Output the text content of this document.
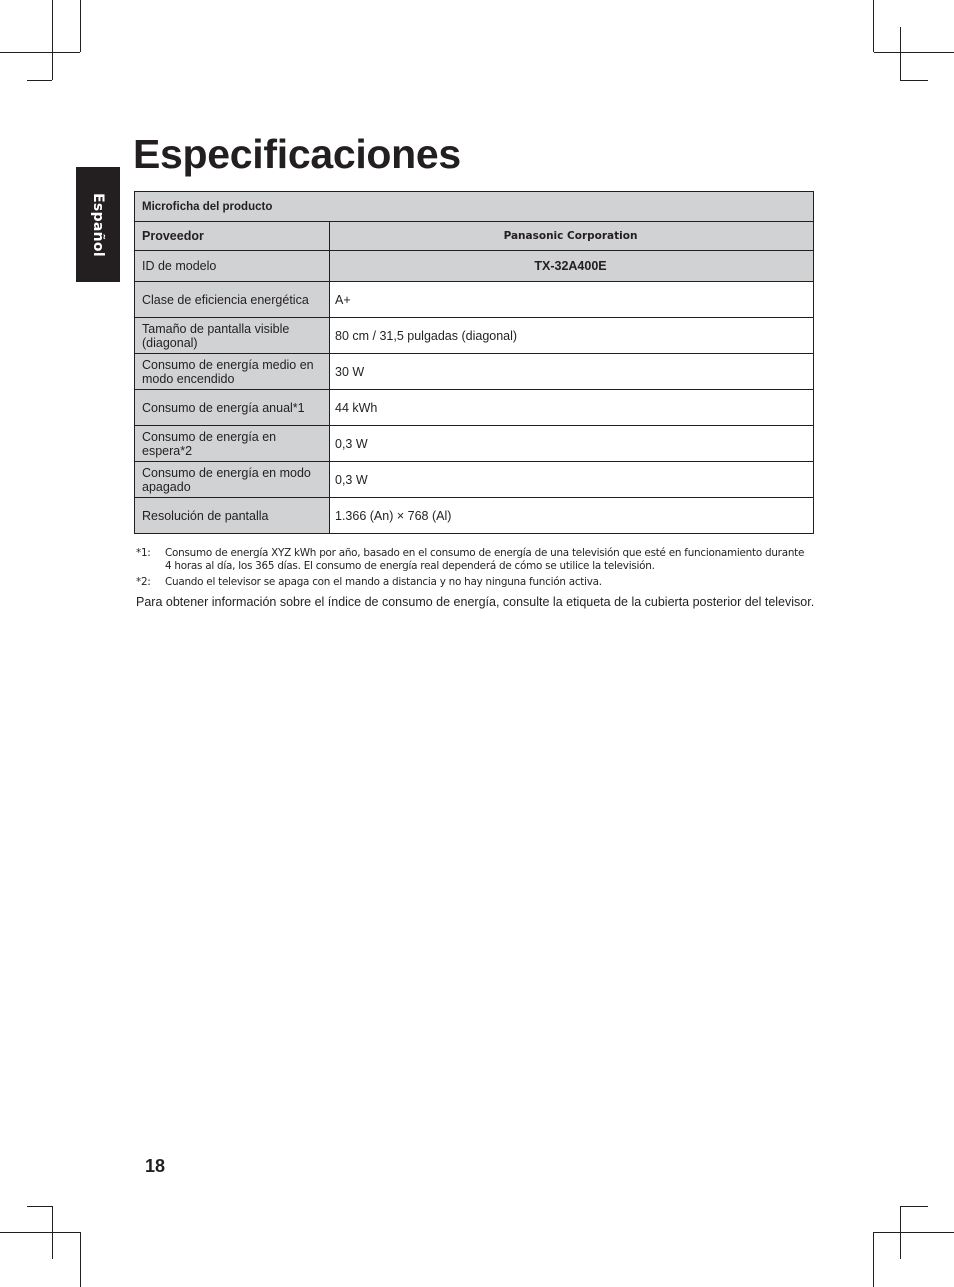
Español
Especificaciones
Microficha del producto	
Proveedor	Panasonic Corporation
ID de modelo	TX-32A400E
Clase de eficiencia energética	A+
Tamaño de pantalla visible (diagonal)	80 cm / 31,5 pulgadas (diagonal)
Consumo de energía medio en modo encendido	30 W
Consumo de energía anual*1	44 kWh
Consumo de energía en espera*2	0,3 W
Consumo de energía en modo apagado	0,3 W
Resolución de pantalla	1.366 (An) × 768 (Al)
*1:	Consumo de energía XYZ kWh por año, basado en el consumo de energía de una televisión que esté en funcionamiento durante 4 horas al día, los 365 días. El consumo de energía real dependerá de cómo se utilice la televisión.
*2:	Cuando el televisor se apaga con el mando a distancia y no hay ninguna función activa.
Para obtener información sobre el índice de consumo de energía, consulte la etiqueta de la cubierta posterior del televisor.
18
